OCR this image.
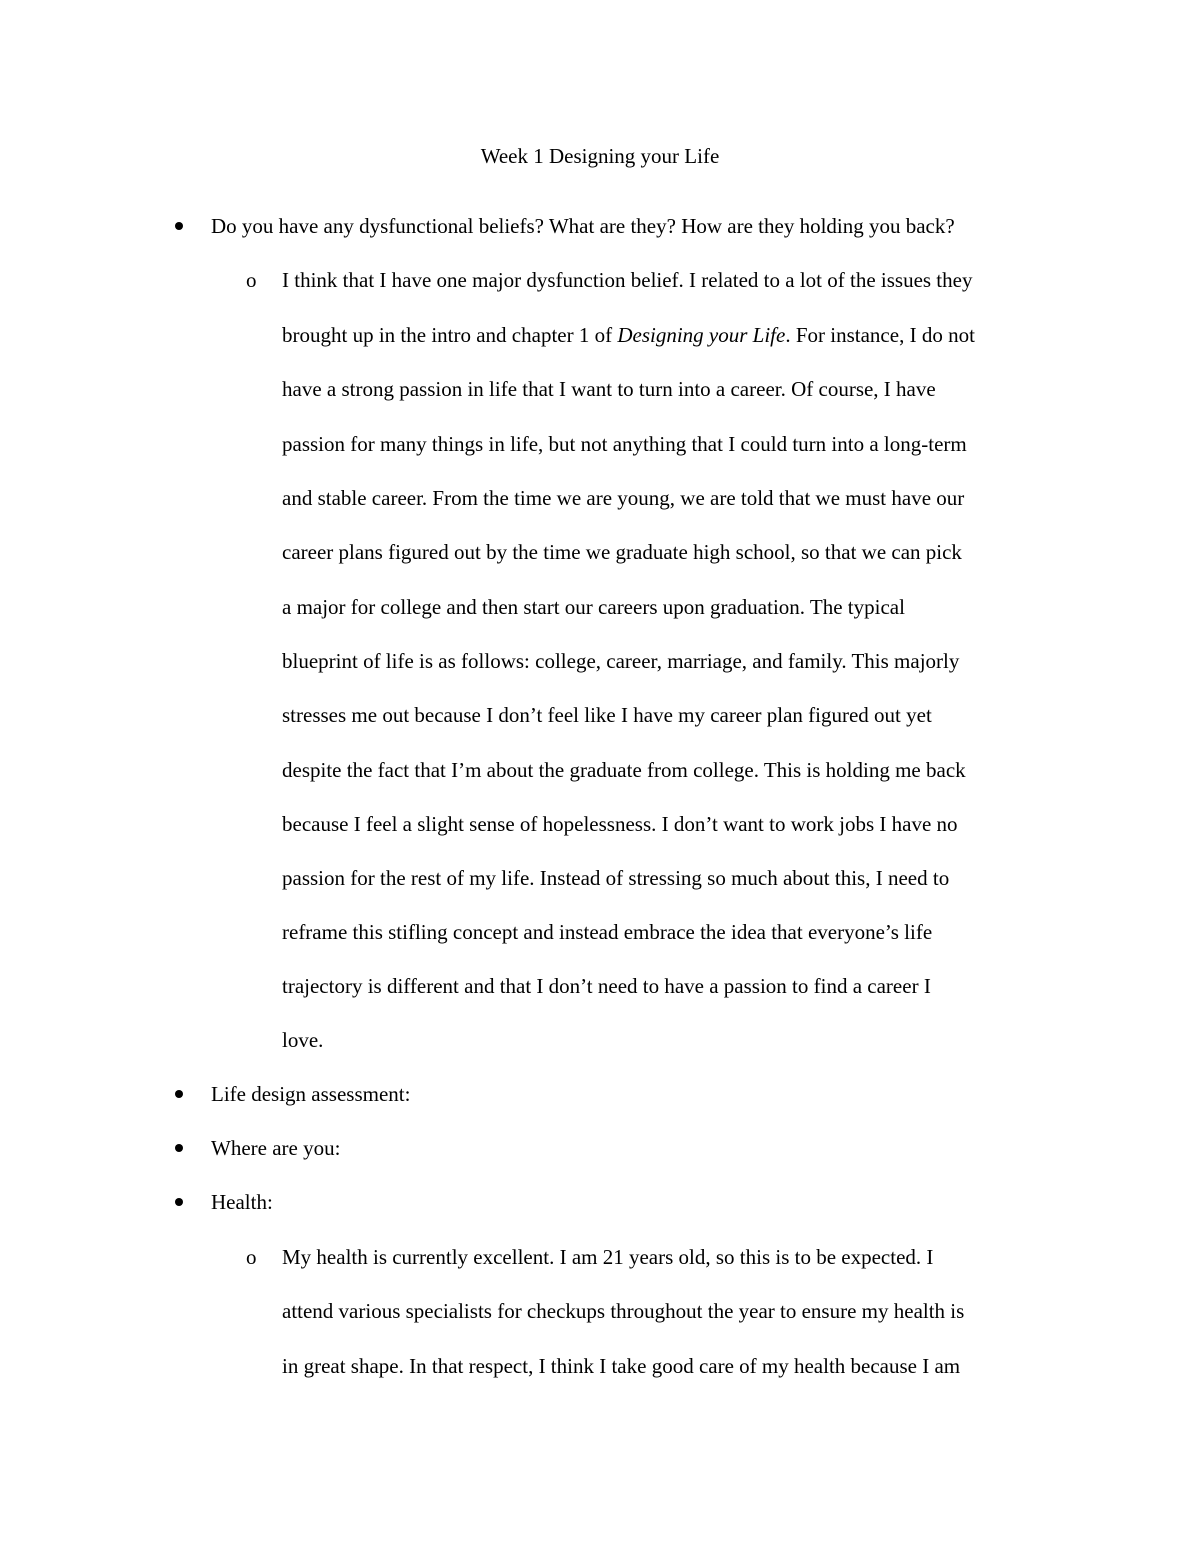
Week 1 Designing your Life
Do you have any dysfunctional beliefs? What are they? How are they holding you back?
o I think that I have one major dysfunction belief. I related to a lot of the issues they
brought up in the intro and chapter 1 of Designing your Life. For instance, I do not
have a strong passion in life that I want to turn into a career. Of course, I have
passion for many things in life, but not anything that I could turn into a long-term
and stable career. From the time we are young, we are told that we must have our
career plans figured out by the time we graduate high school, so that we can pick
a major for college and then start our careers upon graduation. The typical
blueprint of life is as follows: college, career, marriage, and family. This majorly
stresses me out because I don’t feel like I have my career plan figured out yet
despite the fact that I’m about the graduate from college. This is holding me back
because I feel a slight sense of hopelessness. I don’t want to work jobs I have no
passion for the rest of my life. Instead of stressing so much about this, I need to
reframe this stifling concept and instead embrace the idea that everyone’s life
trajectory is different and that I don’t need to have a passion to find a career I
love.
Life design assessment:
Where are you:
Health:
o My health is currently excellent. I am 21 years old, so this is to be expected. I
attend various specialists for checkups throughout the year to ensure my health is
in great shape. In that respect, I think I take good care of my health because I am
